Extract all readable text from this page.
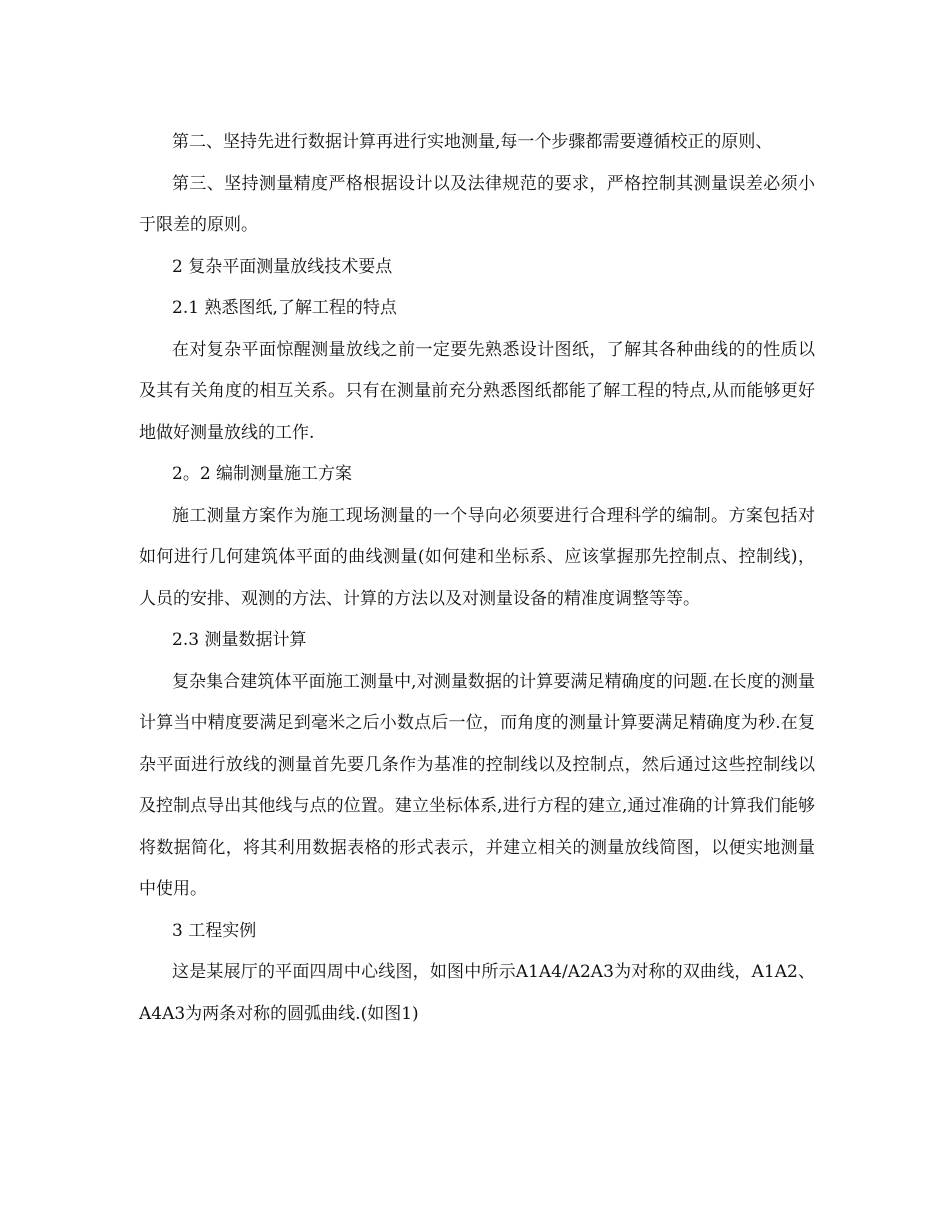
第二、坚持先进行数据计算再进行实地测量,每一个步骤都需要遵循校正的原则、

第三、坚持测量精度严格根据设计以及法律规范的要求，严格控制其测量误差必须小于限差的原则。

2 复杂平面测量放线技术要点

2.1 熟悉图纸,了解工程的特点

在对复杂平面惊醒测量放线之前一定要先熟悉设计图纸，了解其各种曲线的的性质以及其有关角度的相互关系。只有在测量前充分熟悉图纸都能了解工程的特点,从而能够更好地做好测量放线的工作.

2。2 编制测量施工方案

施工测量方案作为施工现场测量的一个导向必须要进行合理科学的编制。方案包括对如何进行几何建筑体平面的曲线测量(如何建和坐标系、应该掌握那先控制点、控制线)，人员的安排、观测的方法、计算的方法以及对测量设备的精准度调整等等。

2.3 测量数据计算

复杂集合建筑体平面施工测量中,对测量数据的计算要满足精确度的问题.在长度的测量计算当中精度要满足到毫米之后小数点后一位，而角度的测量计算要满足精确度为秒.在复杂平面进行放线的测量首先要几条作为基准的控制线以及控制点，然后通过这些控制线以及控制点导出其他线与点的位置。建立坐标体系,进行方程的建立,通过准确的计算我们能够将数据简化，将其利用数据表格的形式表示，并建立相关的测量放线简图，以便实地测量中使用。

3 工程实例

这是某展厅的平面四周中心线图，如图中所示A1A4/A2A3为对称的双曲线，A1A2、A4A3为两条对称的圆弧曲线.(如图1)
